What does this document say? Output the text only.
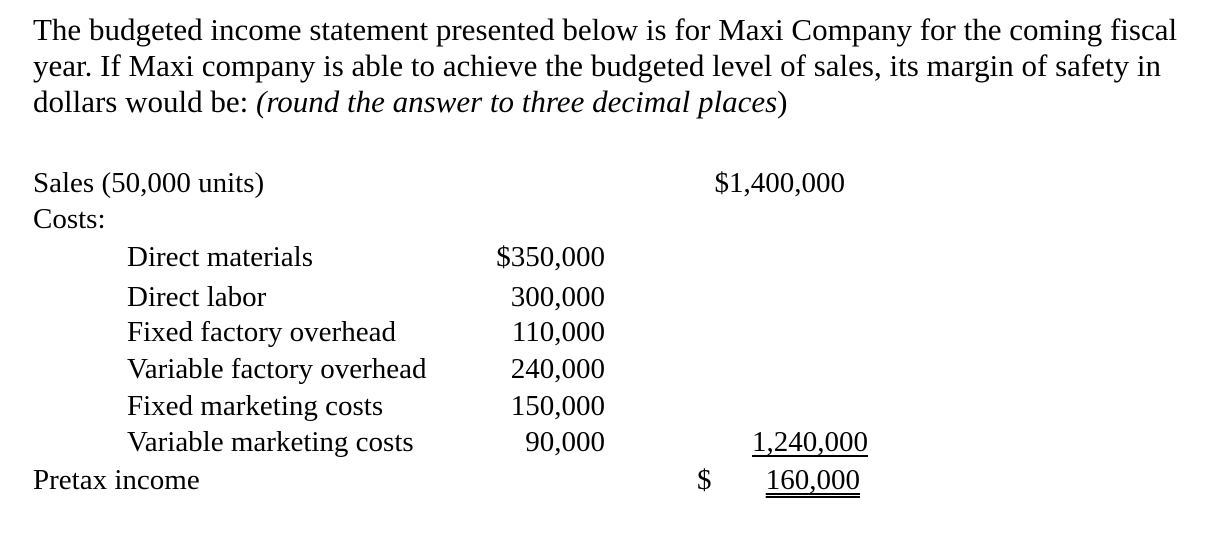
The budgeted income statement presented below is for Maxi Company for the coming fiscal year. If Maxi company is able to achieve the budgeted level of sales, its margin of safety in dollars would be: (round the answer to three decimal places)

Sales (50,000 units)	$1,400,000
Costs:
Direct materials	$350,000
Direct labor	300,000
Fixed factory overhead	110,000
Variable factory overhead	240,000
Fixed marketing costs	150,000
Variable marketing costs	90,000	1,240,000
Pretax income	$	160,000
